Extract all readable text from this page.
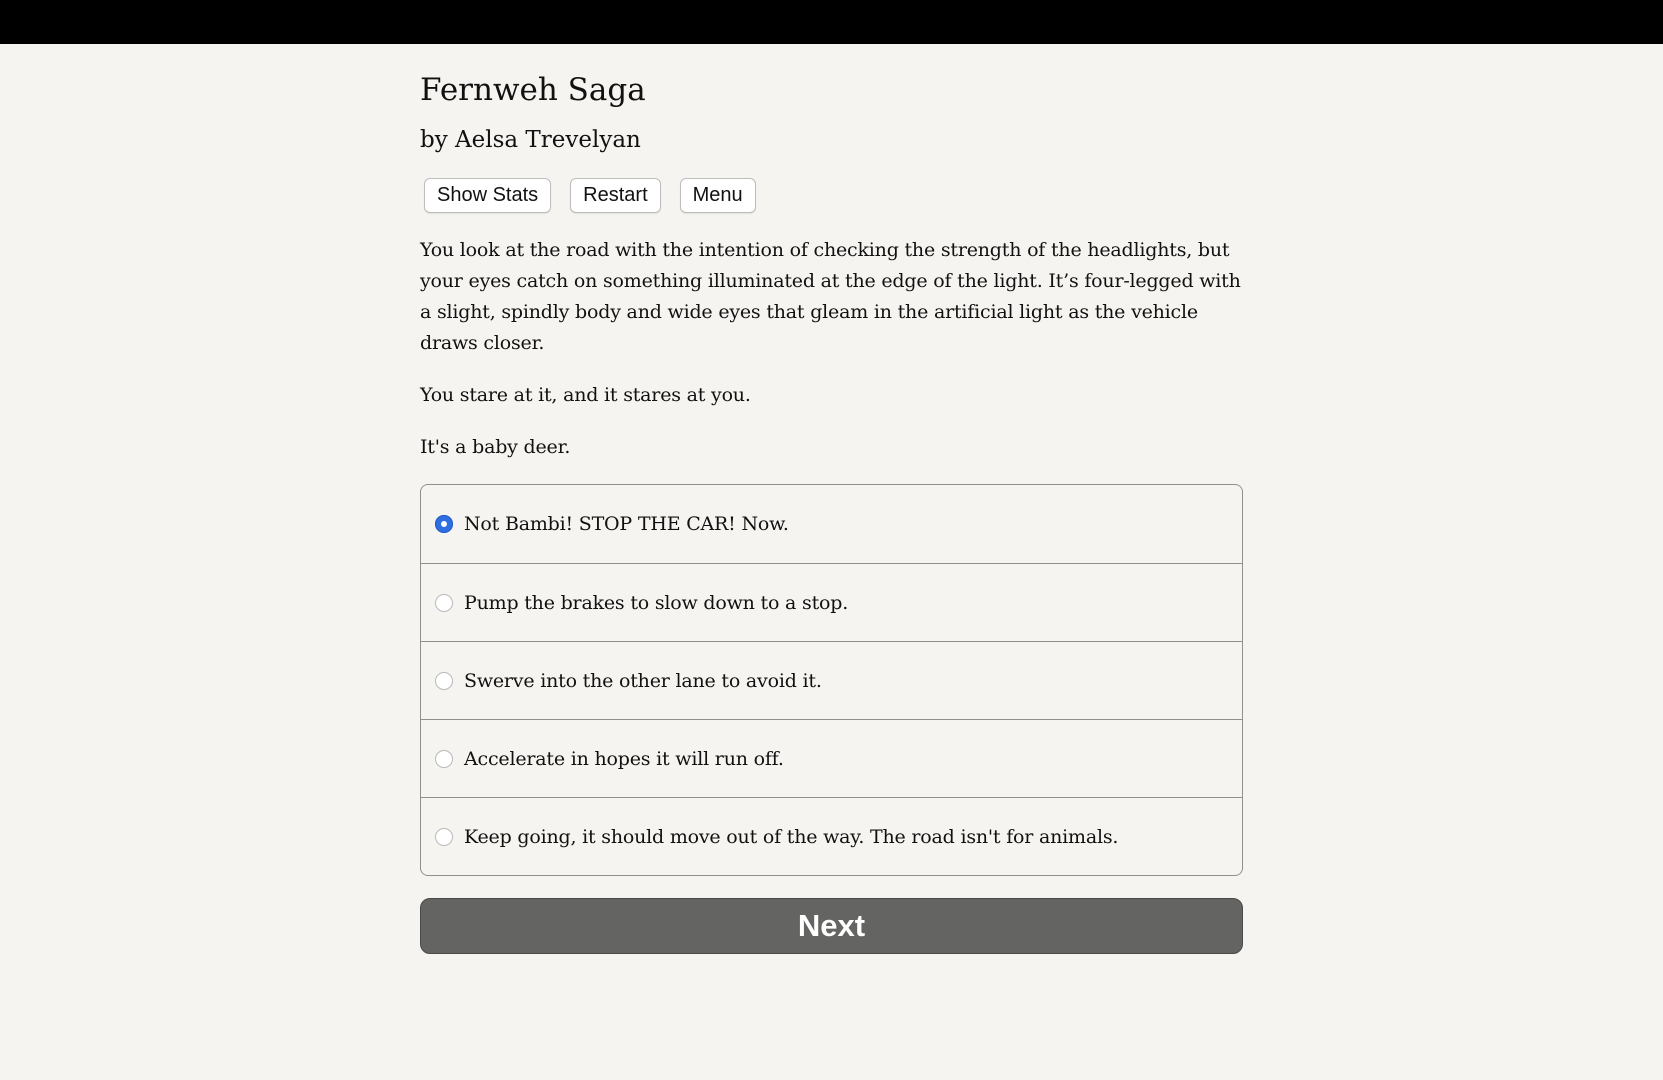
Fernweh Saga
by Aelsa Trevelyan
Show Stats	Restart	Menu

You look at the road with the intention of checking the strength of the headlights, but your eyes catch on something illuminated at the edge of the light. It’s four-legged with a slight, spindly body and wide eyes that gleam in the artificial light as the vehicle draws closer.

You stare at it, and it stares at you.

It's a baby deer.

Not Bambi! STOP THE CAR! Now.
Pump the brakes to slow down to a stop.
Swerve into the other lane to avoid it.
Accelerate in hopes it will run off.
Keep going, it should move out of the way. The road isn't for animals.
Next
